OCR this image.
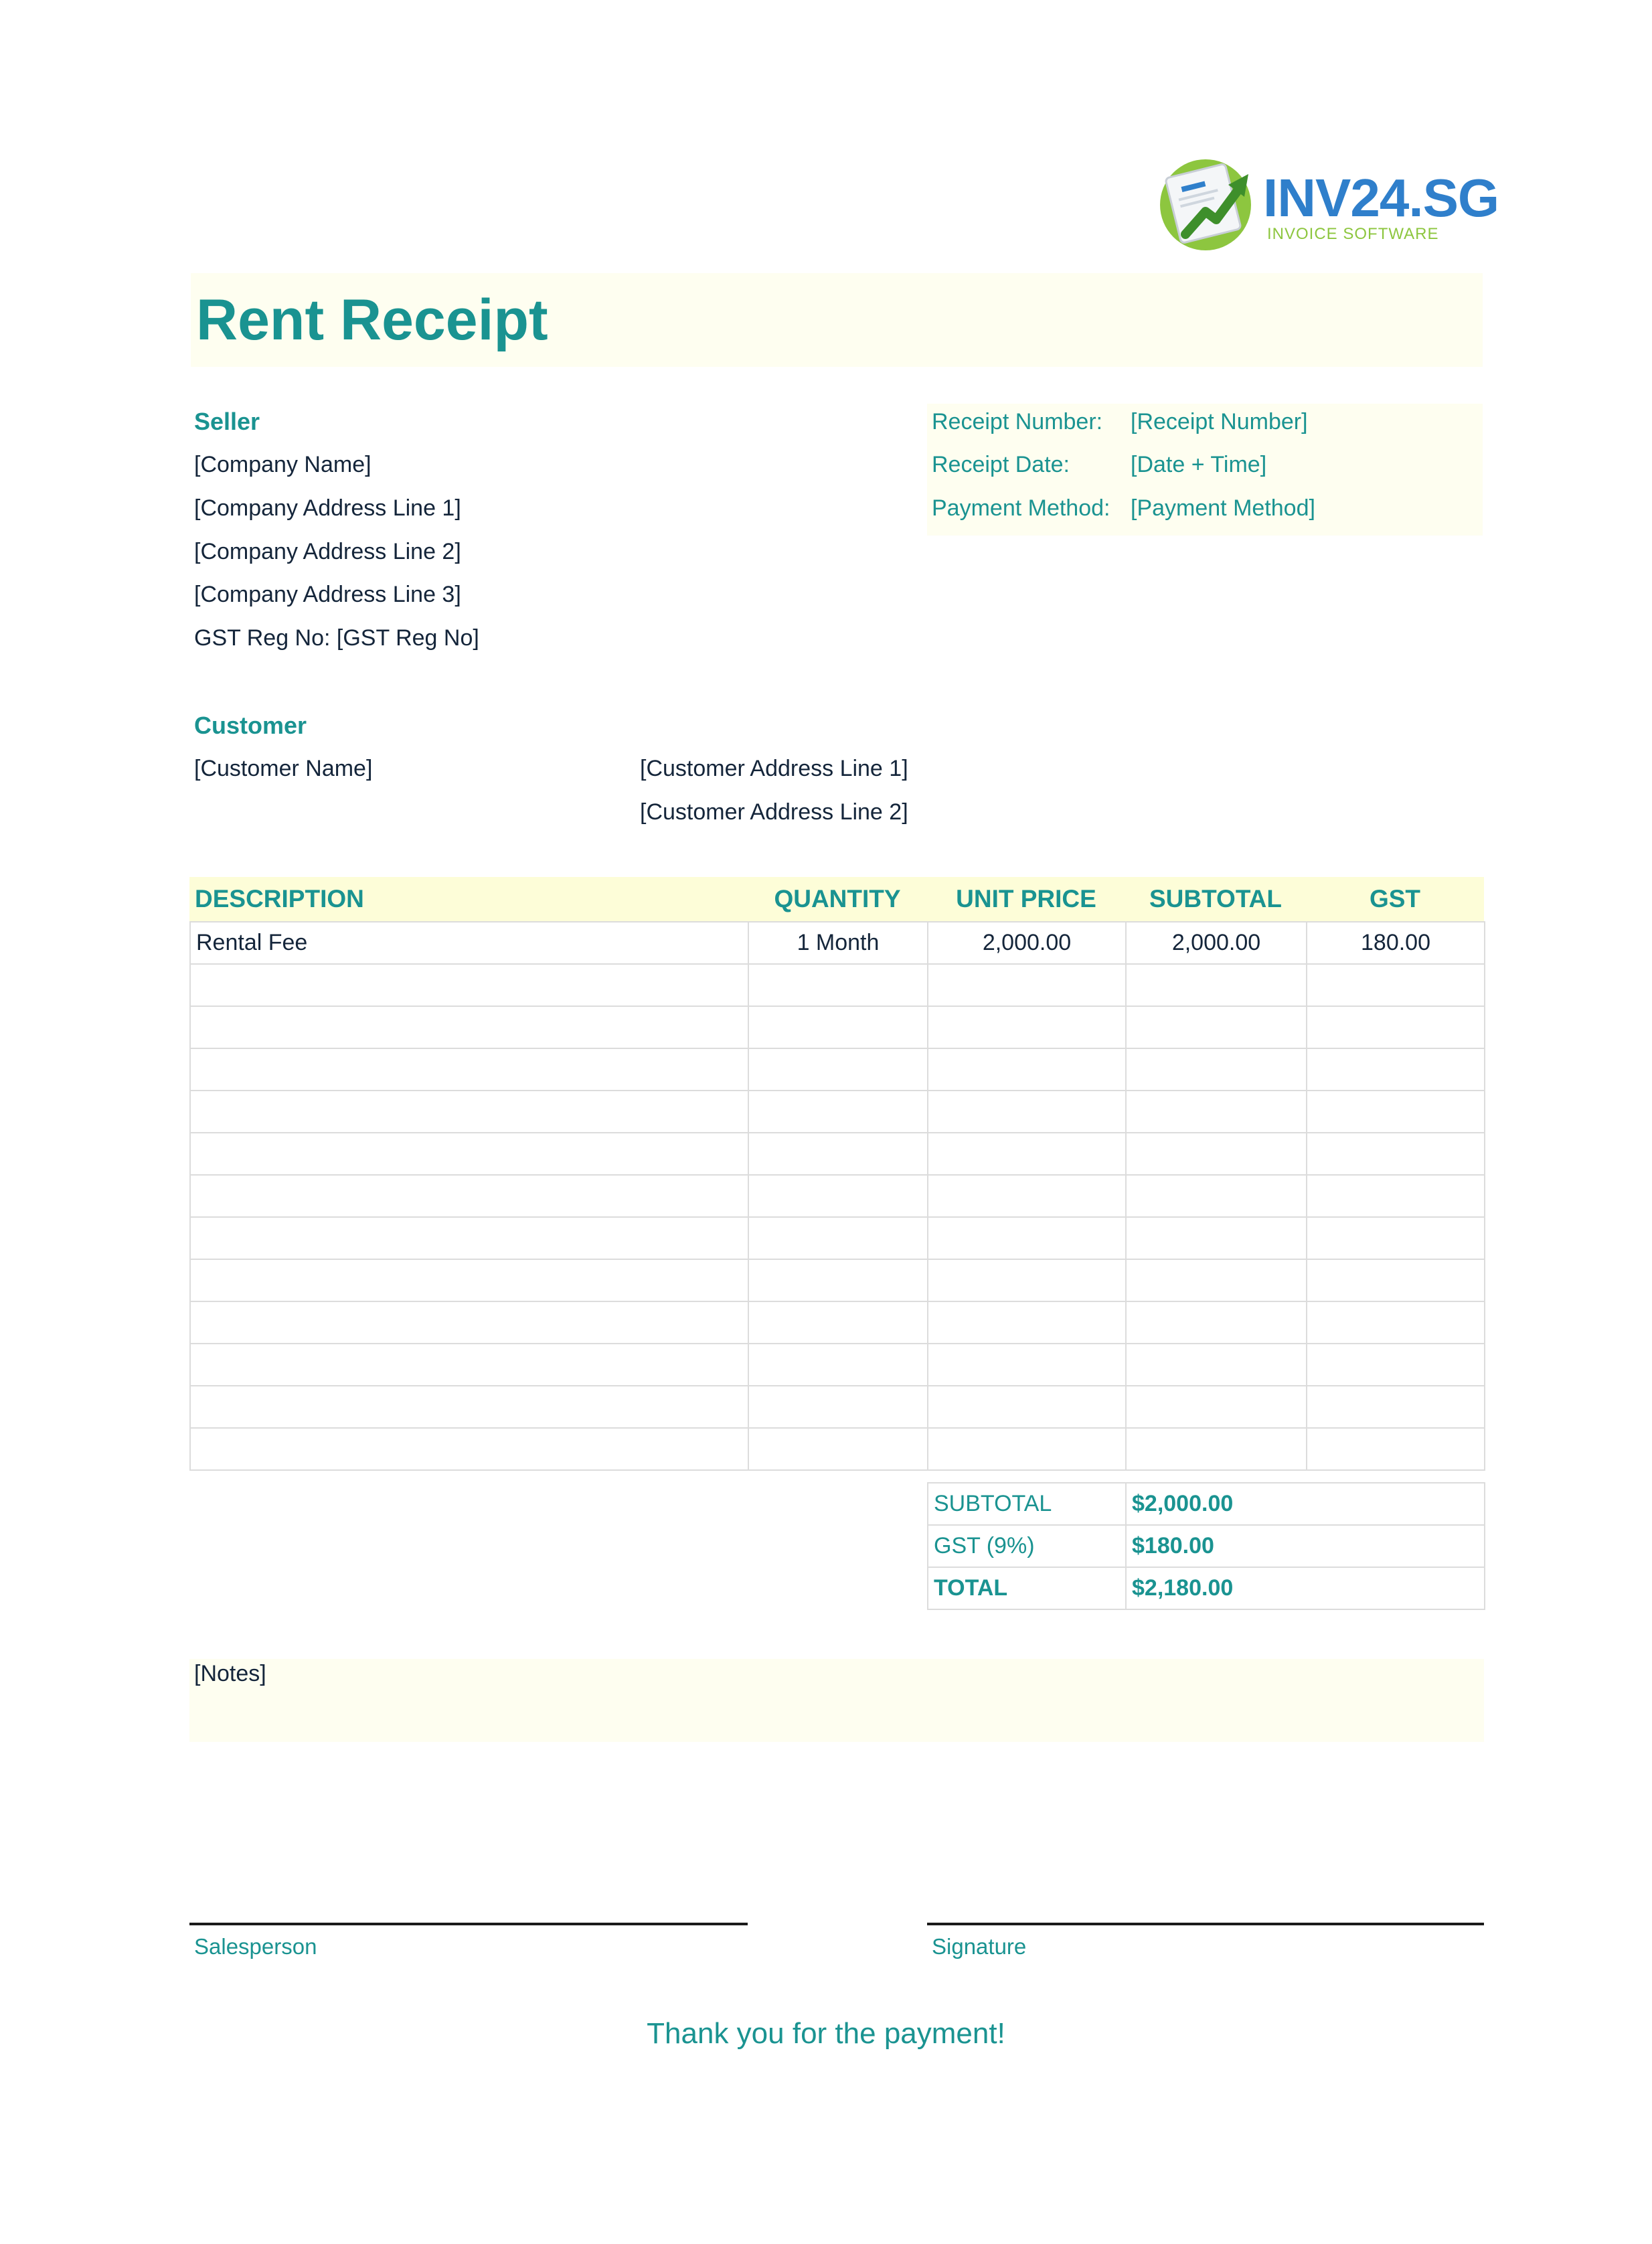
INV24.SG
INVOICE SOFTWARE
Rent Receipt
Seller
[Company Name]
[Company Address Line 1]
[Company Address Line 2]
[Company Address Line 3]
GST Reg No: [GST Reg No]
Receipt Number: [Receipt Number]
Receipt Date:	[Date + Time]
Payment Method: [Payment Method]
Customer
[Customer Name]	[Customer Address Line 1]
[Customer Address Line 2]
DESCRIPTION	QUANTITY	UNIT PRICE	SUBTOTAL	GST
Rental Fee	1 Month	2,000.00	2,000.00	180.00

SUBTOTAL	$2,000.00
GST (9%)	$180.00
TOTAL	$2,180.00
[Notes]
Salesperson	Signature
Thank you for the payment!
